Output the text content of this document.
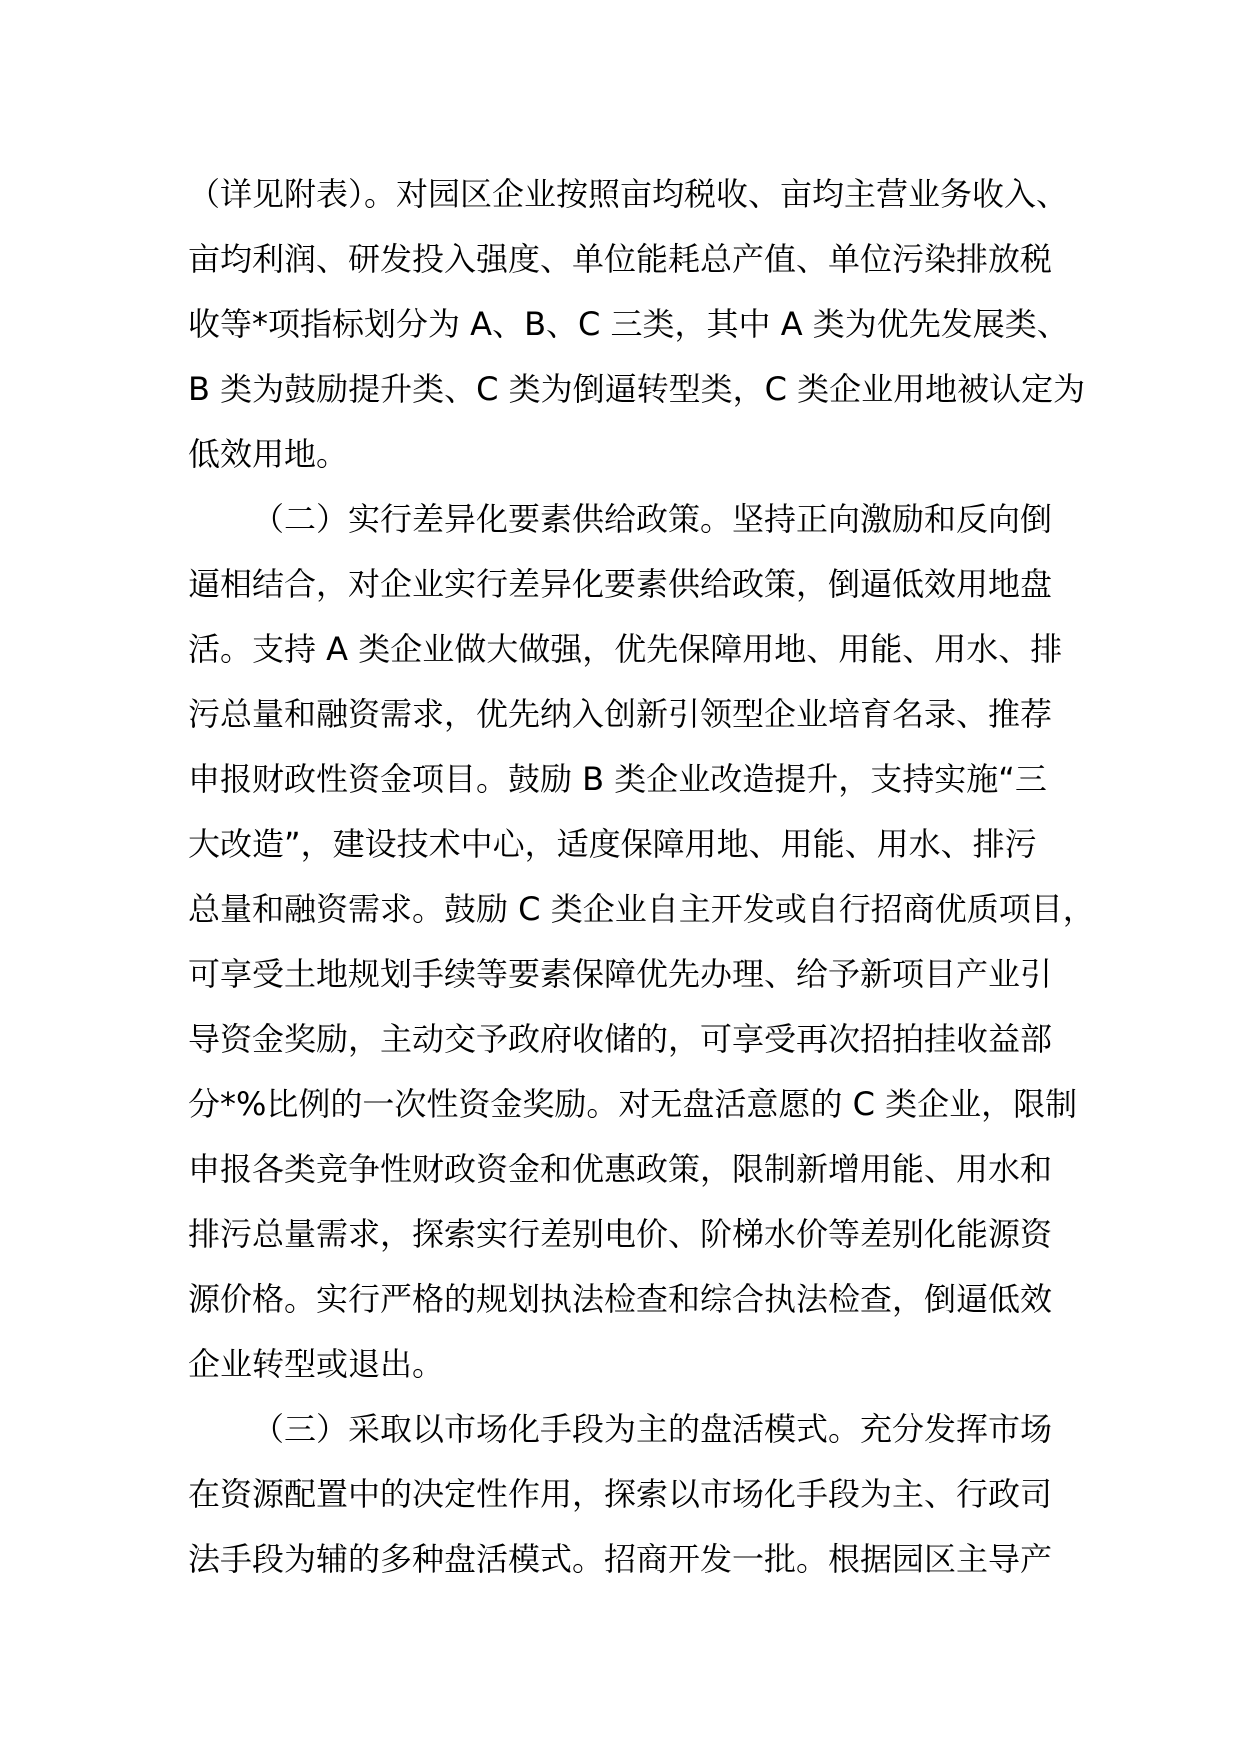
（详见附表）。对园区企业按照亩均税收、亩均主营业务收入、
亩均利润、研发投入强度、单位能耗总产值、单位污染排放税
收等*项指标划分为 A、B、C 三类，其中 A 类为优先发展类、
B 类为鼓励提升类、C 类为倒逼转型类，C 类企业用地被认定为
低效用地。
（二）实行差异化要素供给政策。坚持正向激励和反向倒
逼相结合，对企业实行差异化要素供给政策，倒逼低效用地盘
活。支持 A 类企业做大做强，优先保障用地、用能、用水、排
污总量和融资需求，优先纳入创新引领型企业培育名录、推荐
申报财政性资金项目。鼓励 B 类企业改造提升，支持实施“三
大改造”，建设技术中心，适度保障用地、用能、用水、排污
总量和融资需求。鼓励 C 类企业自主开发或自行招商优质项目，
可享受土地规划手续等要素保障优先办理、给予新项目产业引
导资金奖励，主动交予政府收储的，可享受再次招拍挂收益部
分*%比例的一次性资金奖励。对无盘活意愿的 C 类企业，限制
申报各类竞争性财政资金和优惠政策，限制新增用能、用水和
排污总量需求，探索实行差别电价、阶梯水价等差别化能源资
源价格。实行严格的规划执法检查和综合执法检查，倒逼低效
企业转型或退出。
（三）采取以市场化手段为主的盘活模式。充分发挥市场
在资源配置中的决定性作用，探索以市场化手段为主、行政司
法手段为辅的多种盘活模式。招商开发一批。根据园区主导产
